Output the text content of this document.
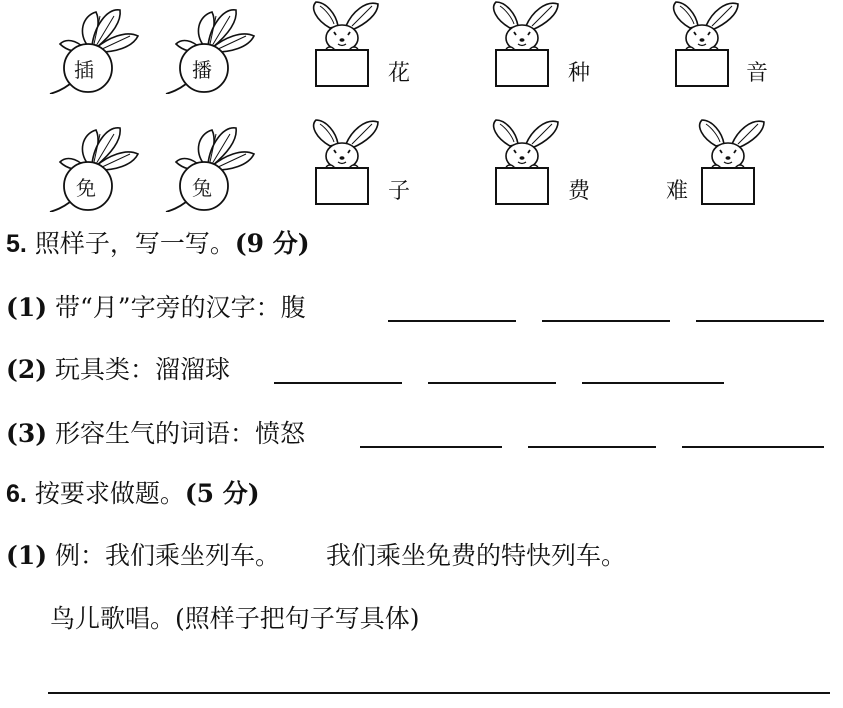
插	播	花	种	音
免	兔	子	费	难
5. 照样子，写一写。(9 分)
(1) 带“月”字旁的汉字：腹
(2) 玩具类：溜溜球
(3) 形容生气的词语：愤怒
6. 按要求做题。(5 分)
(1) 例：我们乘坐列车。 我们乘坐免费的特快列车。
鸟儿歌唱。(照样子把句子写具体)
